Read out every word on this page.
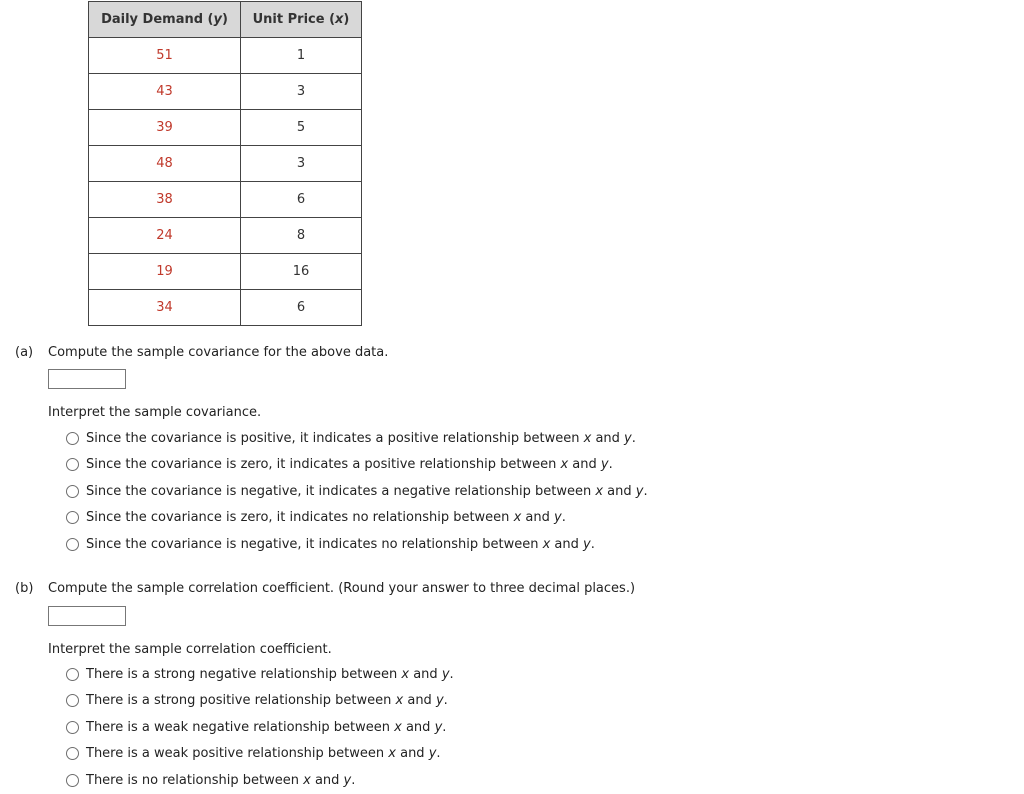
Daily Demand (y)	Unit Price (x)
51	1
43	3
39	5
48	3
38	6
24	8
19	16
34	6
(a) Compute the sample covariance for the above data.
Interpret the sample covariance.
Since the covariance is positive, it indicates a positive relationship between x and y.
Since the covariance is zero, it indicates a positive relationship between x and y.
Since the covariance is negative, it indicates a negative relationship between x and y.
Since the covariance is zero, it indicates no relationship between x and y.
Since the covariance is negative, it indicates no relationship between x and y.
(b) Compute the sample correlation coefficient. (Round your answer to three decimal places.)
Interpret the sample correlation coefficient.
There is a strong negative relationship between x and y.
There is a strong positive relationship between x and y.
There is a weak negative relationship between x and y.
There is a weak positive relationship between x and y.
There is no relationship between x and y.
